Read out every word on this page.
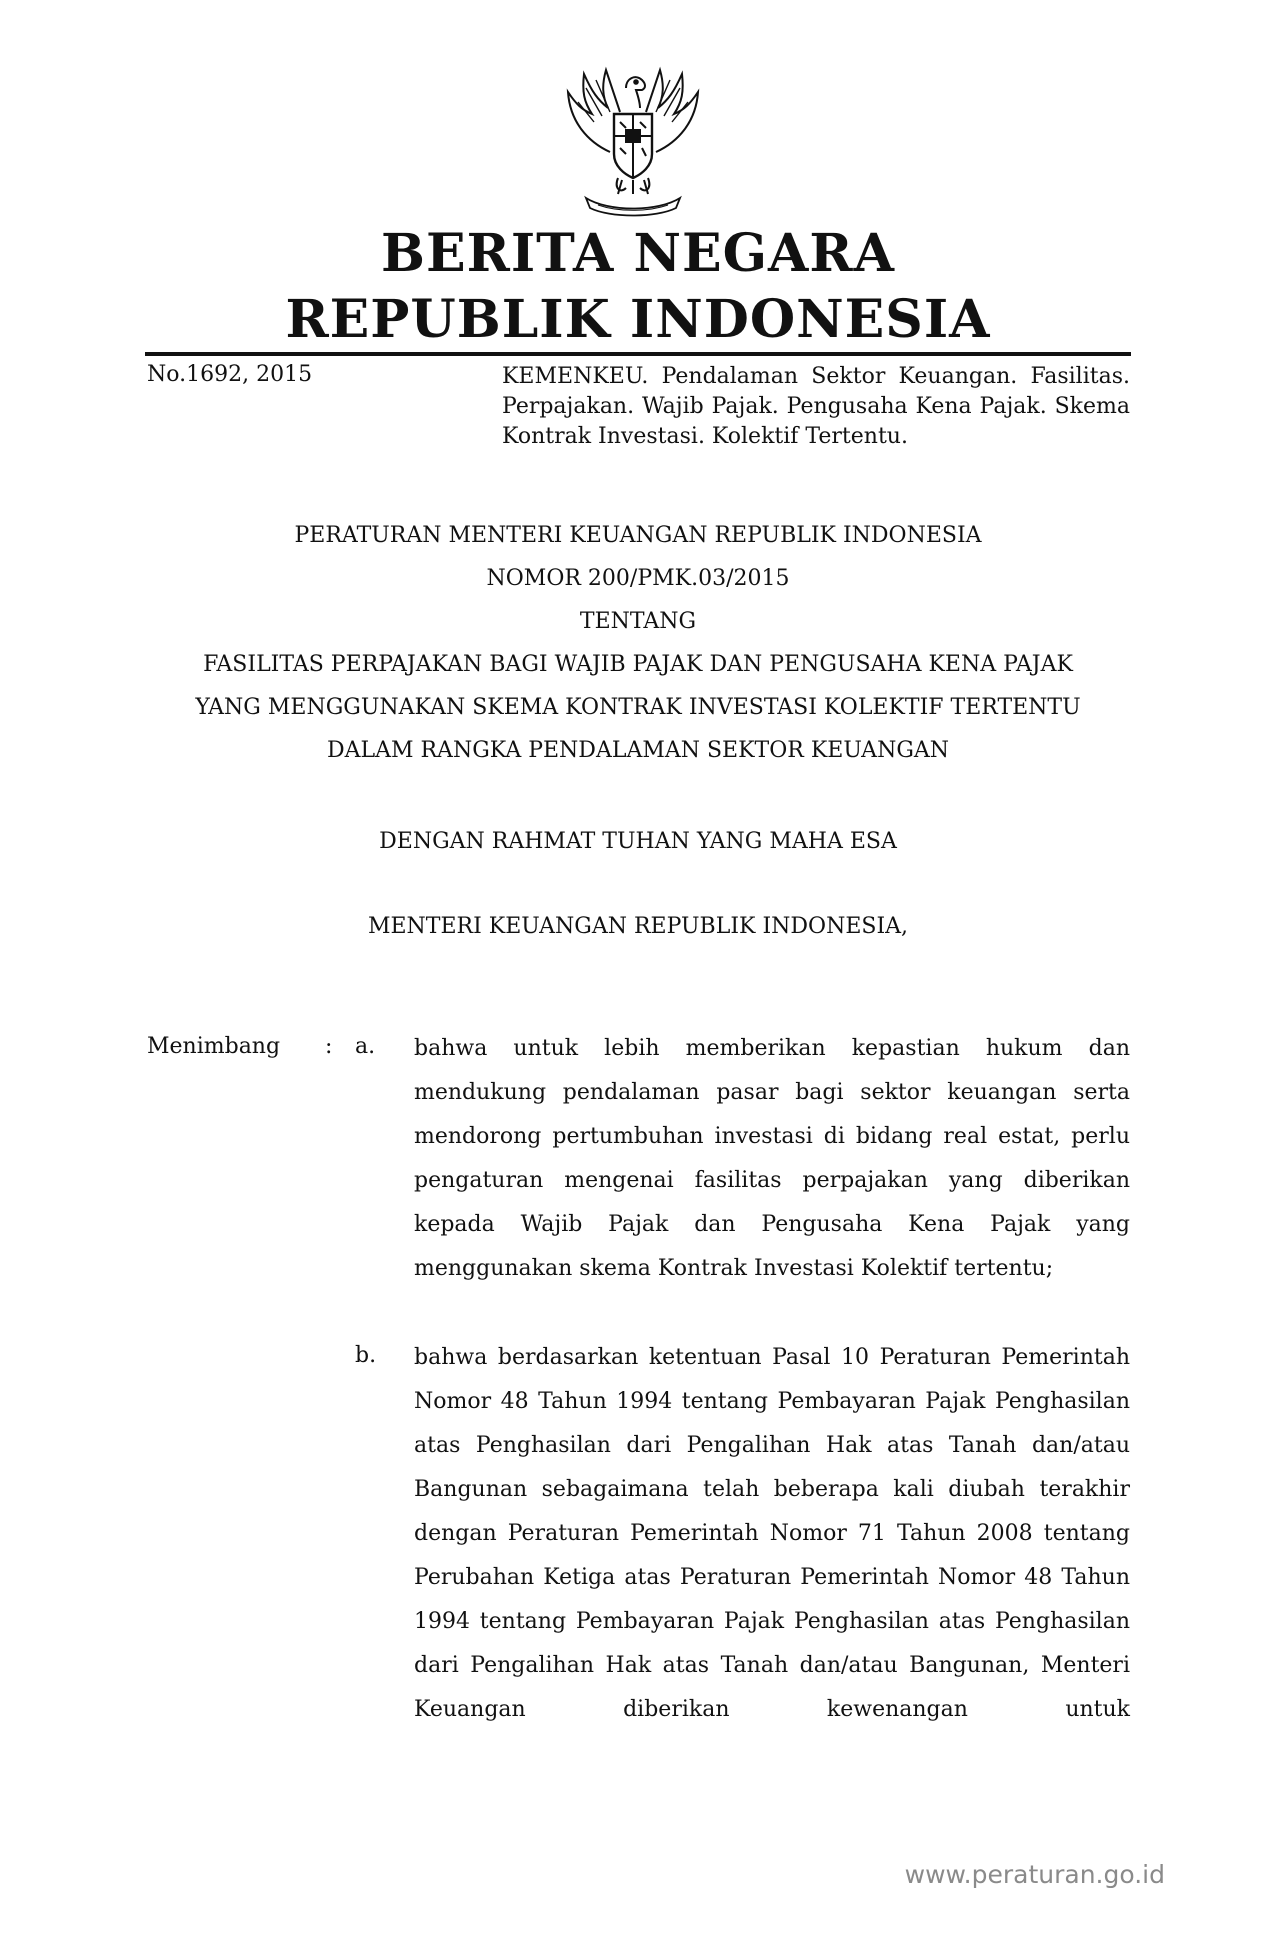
BERITA NEGARA
REPUBLIK INDONESIA
No.1692, 2015	KEMENKEU. Pendalaman Sektor Keuangan. Fasilitas. Perpajakan. Wajib Pajak. Pengusaha Kena Pajak. Skema Kontrak Investasi. Kolektif Tertentu.
PERATURAN MENTERI KEUANGAN REPUBLIK INDONESIA
NOMOR 200/PMK.03/2015
TENTANG
FASILITAS PERPAJAKAN BAGI WAJIB PAJAK DAN PENGUSAHA KENA PAJAK
YANG MENGGUNAKAN SKEMA KONTRAK INVESTASI KOLEKTIF TERTENTU
DALAM RANGKA PENDALAMAN SEKTOR KEUANGAN
DENGAN RAHMAT TUHAN YANG MAHA ESA
MENTERI KEUANGAN REPUBLIK INDONESIA,
Menimbang : a. bahwa untuk lebih memberikan kepastian hukum dan mendukung pendalaman pasar bagi sektor keuangan serta mendorong pertumbuhan investasi di bidang real estat, perlu pengaturan mengenai fasilitas perpajakan yang diberikan kepada Wajib Pajak dan Pengusaha Kena Pajak yang menggunakan skema Kontrak Investasi Kolektif tertentu;
b. bahwa berdasarkan ketentuan Pasal 10 Peraturan Pemerintah Nomor 48 Tahun 1994 tentang Pembayaran Pajak Penghasilan atas Penghasilan dari Pengalihan Hak atas Tanah dan/atau Bangunan sebagaimana telah beberapa kali diubah terakhir dengan Peraturan Pemerintah Nomor 71 Tahun 2008 tentang Perubahan Ketiga atas Peraturan Pemerintah Nomor 48 Tahun 1994 tentang Pembayaran Pajak Penghasilan atas Penghasilan dari Pengalihan Hak atas Tanah dan/atau Bangunan, Menteri Keuangan diberikan kewenangan untuk
www.peraturan.go.id
